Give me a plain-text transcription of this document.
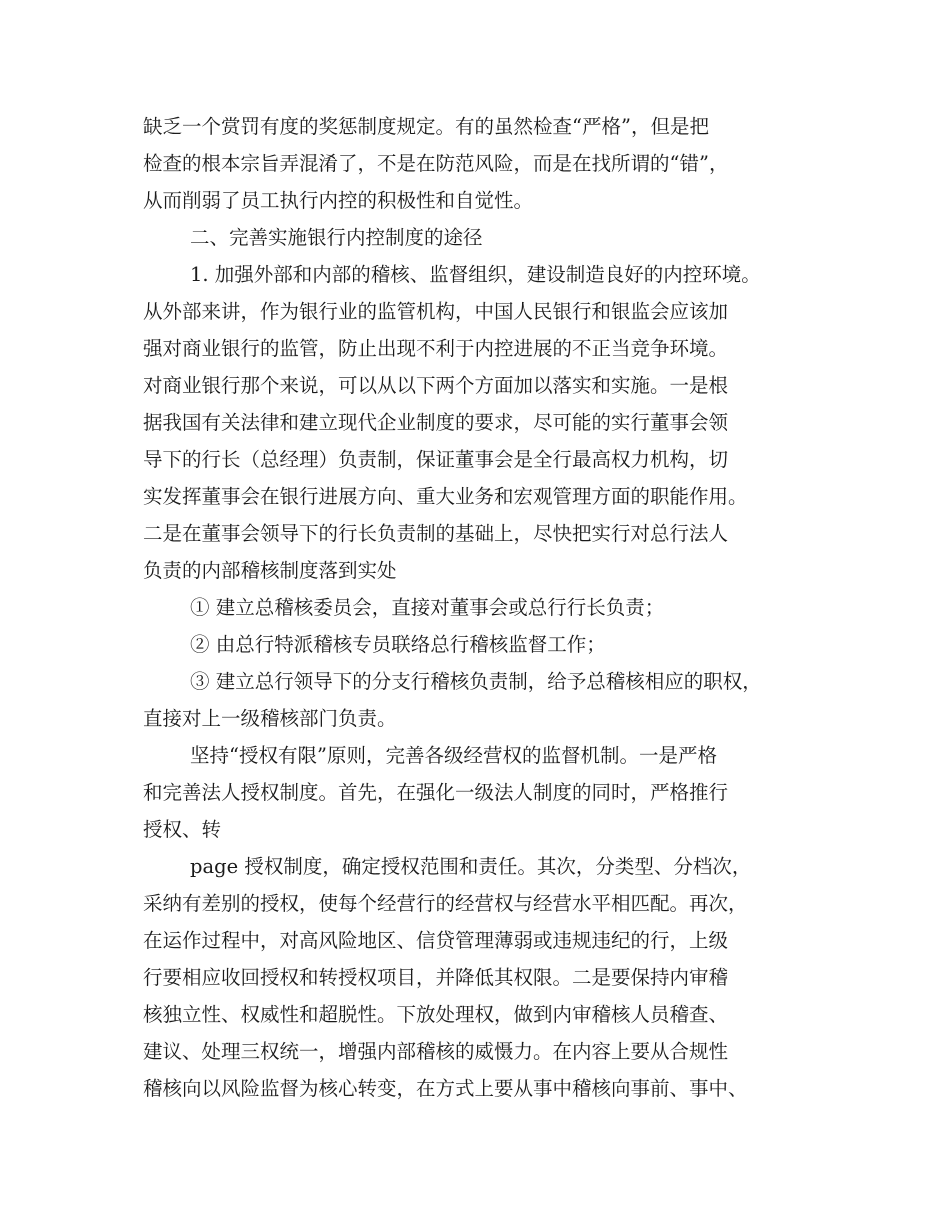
缺乏一个赏罚有度的奖惩制度规定。有的虽然检查“严格”，但是把
检查的根本宗旨弄混淆了，不是在防范风险，而是在找所谓的“错”，
从而削弱了员工执行内控的积极性和自觉性。
二、完善实施银行内控制度的途径
1. 加强外部和内部的稽核、监督组织，建设制造良好的内控环境。
从外部来讲，作为银行业的监管机构，中国人民银行和银监会应该加
强对商业银行的监管，防止出现不利于内控进展的不正当竞争环境。
对商业银行那个来说，可以从以下两个方面加以落实和实施。一是根
据我国有关法律和建立现代企业制度的要求，尽可能的实行董事会领
导下的行长（总经理）负责制，保证董事会是全行最高权力机构，切
实发挥董事会在银行进展方向、重大业务和宏观管理方面的职能作用。
二是在董事会领导下的行长负责制的基础上，尽快把实行对总行法人
负责的内部稽核制度落到实处
① 建立总稽核委员会，直接对董事会或总行行长负责；
② 由总行特派稽核专员联络总行稽核监督工作；
③ 建立总行领导下的分支行稽核负责制，给予总稽核相应的职权，
直接对上一级稽核部门负责。
坚持“授权有限”原则，完善各级经营权的监督机制。一是严格
和完善法人授权制度。首先，在强化一级法人制度的同时，严格推行
授权、转
page 授权制度，确定授权范围和责任。其次，分类型、分档次，
采纳有差别的授权，使每个经营行的经营权与经营水平相匹配。再次，
在运作过程中，对高风险地区、信贷管理薄弱或违规违纪的行，上级
行要相应收回授权和转授权项目，并降低其权限。二是要保持内审稽
核独立性、权威性和超脱性。下放处理权，做到内审稽核人员稽查、
建议、处理三权统一，增强内部稽核的威慑力。在内容上要从合规性
稽核向以风险监督为核心转变，在方式上要从事中稽核向事前、事中、
